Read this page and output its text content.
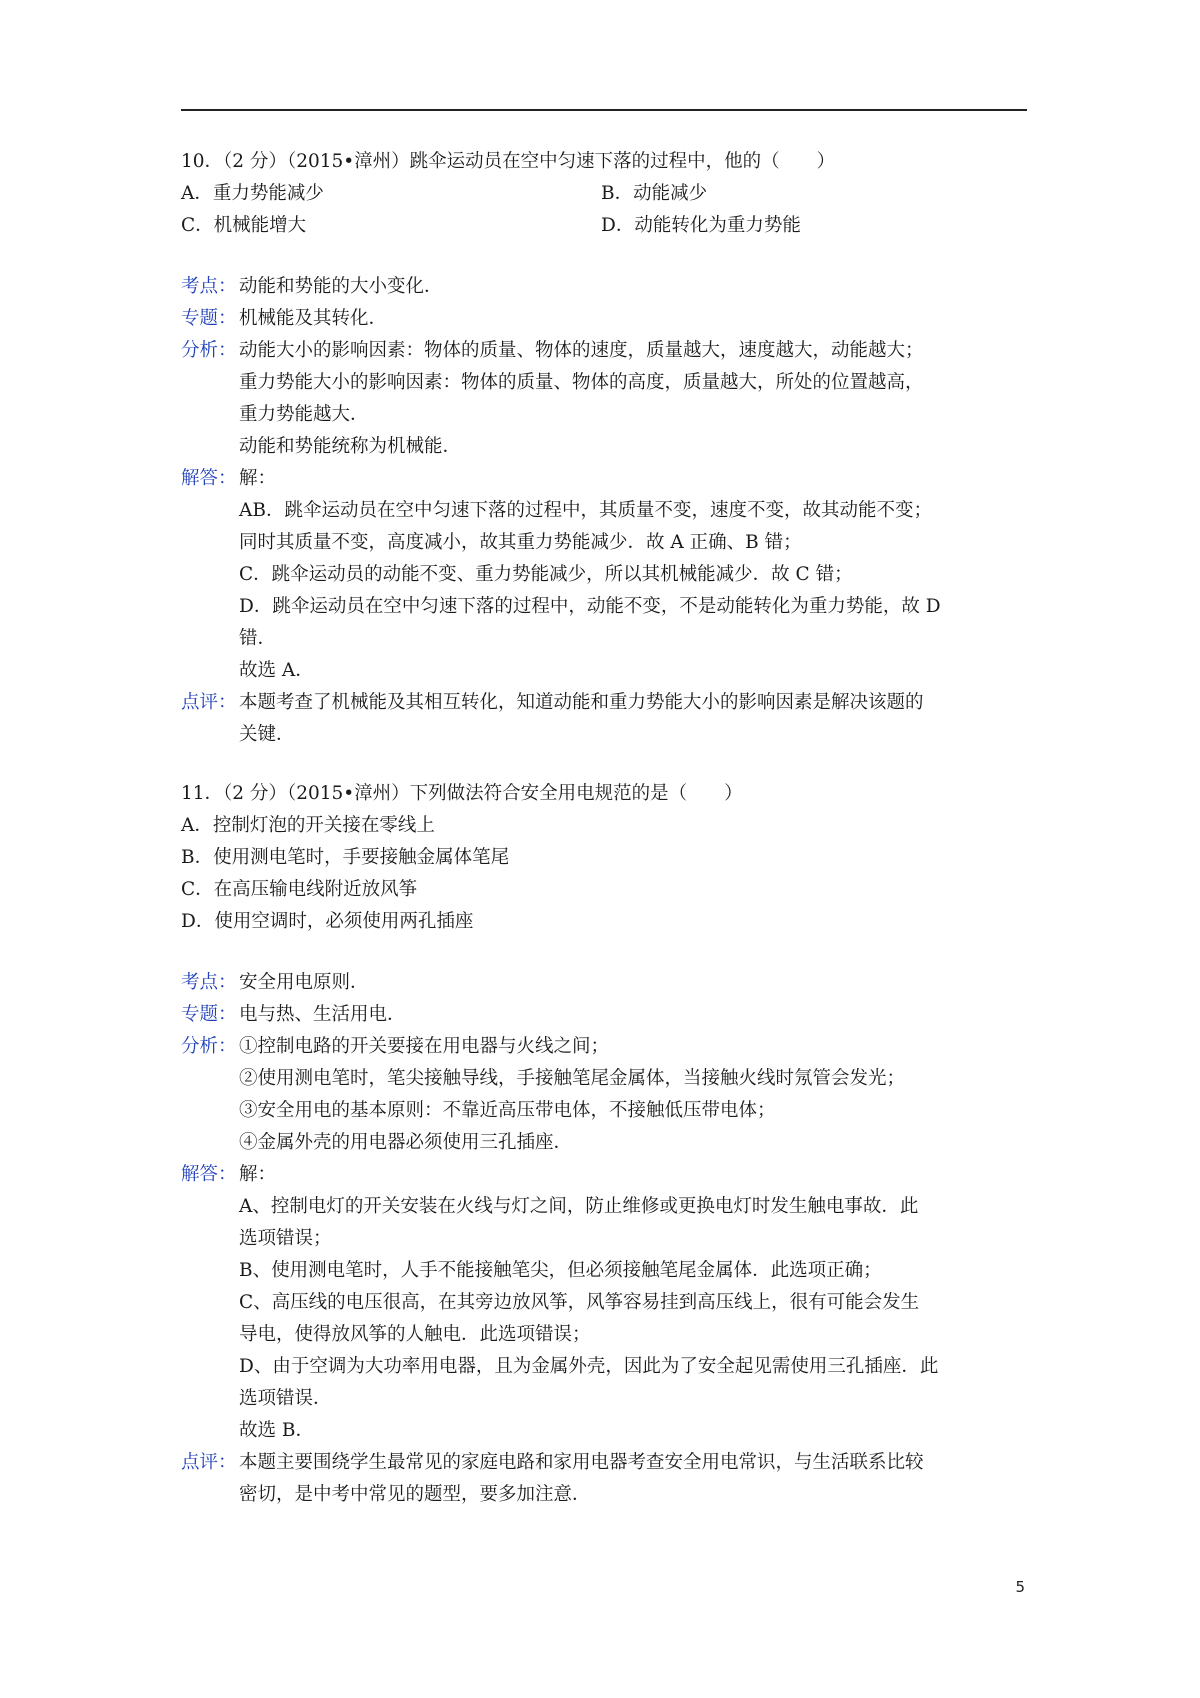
10．（2 分）（2015•漳州）跳伞运动员在空中匀速下落的过程中，他的（　　）
A．重力势能减少	B．动能减少
C．机械能增大	D．动能转化为重力势能
考点： 动能和势能的大小变化．
专题： 机械能及其转化．
分析： 动能大小的影响因素：物体的质量、物体的速度，质量越大，速度越大，动能越大；
重力势能大小的影响因素：物体的质量、物体的高度，质量越大，所处的位置越高，
重力势能越大．
动能和势能统称为机械能．
解答： 解：
AB．跳伞运动员在空中匀速下落的过程中，其质量不变，速度不变，故其动能不变；
同时其质量不变，高度减小，故其重力势能减少．故 A 正确、B 错；
C．跳伞运动员的动能不变、重力势能减少，所以其机械能减少．故 C 错；
D．跳伞运动员在空中匀速下落的过程中，动能不变，不是动能转化为重力势能，故 D
错．
故选 A．
点评： 本题考查了机械能及其相互转化，知道动能和重力势能大小的影响因素是解决该题的
关键．
11．（2 分）（2015•漳州）下列做法符合安全用电规范的是（　　）
A．控制灯泡的开关接在零线上
B．使用测电笔时，手要接触金属体笔尾
C．在高压输电线附近放风筝
D．使用空调时，必须使用两孔插座
考点： 安全用电原则．
专题： 电与热、生活用电．
分析： ①控制电路的开关要接在用电器与火线之间；
②使用测电笔时，笔尖接触导线，手接触笔尾金属体，当接触火线时氖管会发光；
③安全用电的基本原则：不靠近高压带电体，不接触低压带电体；
④金属外壳的用电器必须使用三孔插座．
解答： 解：
A、控制电灯的开关安装在火线与灯之间，防止维修或更换电灯时发生触电事故．此
选项错误；
B、使用测电笔时，人手不能接触笔尖，但必须接触笔尾金属体．此选项正确；
C、高压线的电压很高，在其旁边放风筝，风筝容易挂到高压线上，很有可能会发生
导电，使得放风筝的人触电．此选项错误；
D、由于空调为大功率用电器，且为金属外壳，因此为了安全起见需使用三孔插座．此
选项错误．
故选 B．
点评： 本题主要围绕学生最常见的家庭电路和家用电器考查安全用电常识，与生活联系比较
密切，是中考中常见的题型，要多加注意．
5
